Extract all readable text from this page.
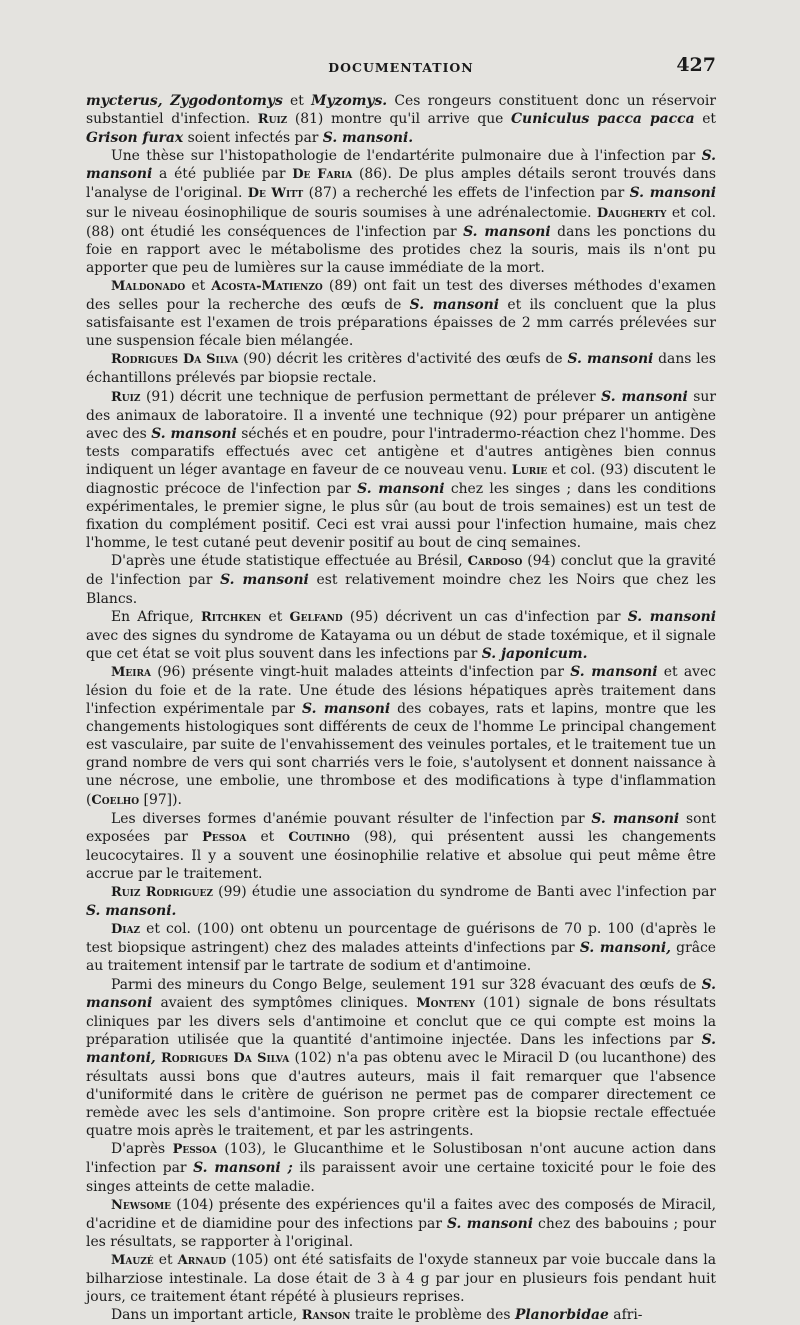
DOCUMENTATION	427

mycterus, Zygodontomys et Myzomys. Ces rongeurs constituent donc un réservoir substantiel d'infection. Ruiz (81) montre qu'il arrive que Cuniculus pacca pacca et Grison furax soient infectés par S. mansoni.

Une thèse sur l'histopathologie de l'endartérite pulmonaire due à l'infection par S. mansoni a été publiée par De Faria (86). De plus amples détails seront trouvés dans l'analyse de l'original. De Witt (87) a recherché les effets de l'infection par S. mansoni sur le niveau éosinophilique de souris soumises à une adrénalectomie. Daugherty et col. (88) ont étudié les conséquences de l'infection par S. mansoni dans les ponctions du foie en rapport avec le métabolisme des protides chez la souris, mais ils n'ont pu apporter que peu de lumières sur la cause immédiate de la mort.

Maldonado et Acosta-Matienzo (89) ont fait un test des diverses méthodes d'examen des selles pour la recherche des œufs de S. mansoni et ils concluent que la plus satisfaisante est l'examen de trois préparations épaisses de 2 mm carrés prélevées sur une suspension fécale bien mélangée.

Rodrigues Da Silva (90) décrit les critères d'activité des œufs de S. mansoni dans les échantillons prélevés par biopsie rectale.

Ruiz (91) décrit une technique de perfusion permettant de prélever S. mansoni sur des animaux de laboratoire. Il a inventé une technique (92) pour préparer un antigène avec des S. mansoni séchés et en poudre, pour l'intradermo-réaction chez l'homme. Des tests comparatifs effectués avec cet antigène et d'autres antigènes bien connus indiquent un léger avantage en faveur de ce nouveau venu. Lurie et col. (93) discutent le diagnostic précoce de l'infection par S. mansoni chez les singes ; dans les conditions expérimentales, le premier signe, le plus sûr (au bout de trois semaines) est un test de fixation du complément positif. Ceci est vrai aussi pour l'infection humaine, mais chez l'homme, le test cutané peut devenir positif au bout de cinq semaines.

D'après une étude statistique effectuée au Brésil, Cardoso (94) conclut que la gravité de l'infection par S. mansoni est relativement moindre chez les Noirs que chez les Blancs.

En Afrique, Ritchken et Gelfand (95) décrivent un cas d'infection par S. mansoni avec des signes du syndrome de Katayama ou un début de stade toxémique, et il signale que cet état se voit plus souvent dans les infections par S. japonicum.

Meira (96) présente vingt-huit malades atteints d'infection par S. mansoni et avec lésion du foie et de la rate. Une étude des lésions hépatiques après traitement dans l'infection expérimentale par S. mansoni des cobayes, rats et lapins, montre que les changements histologiques sont différents de ceux de l'homme Le principal changement est vasculaire, par suite de l'envahissement des veinules portales, et le traitement tue un grand nombre de vers qui sont charriés vers le foie, s'autolysent et donnent naissance à une nécrose, une embolie, une thrombose et des modifications à type d'inflammation (Coelho [97]).

Les diverses formes d'anémie pouvant résulter de l'infection par S. mansoni sont exposées par Pessoa et Coutinho (98), qui présentent aussi les changements leucocytaires. Il y a souvent une éosinophilie relative et absolue qui peut même être accrue par le traitement.

Ruiz Rodriguez (99) étudie une association du syndrome de Banti avec l'infection par S. mansoni.

Diaz et col. (100) ont obtenu un pourcentage de guérisons de 70 p. 100 (d'après le test biopsique astringent) chez des malades atteints d'infections par S. mansoni, grâce au traitement intensif par le tartrate de sodium et d'antimoine.

Parmi des mineurs du Congo Belge, seulement 191 sur 328 évacuant des œufs de S. mansoni avaient des symptômes cliniques. Monteny (101) signale de bons résultats cliniques par les divers sels d'antimoine et conclut que ce qui compte est moins la préparation utilisée que la quantité d'antimoine injectée. Dans les infections par S. mantoni, Rodrigues Da Silva (102) n'a pas obtenu avec le Miracil D (ou lucanthone) des résultats aussi bons que d'autres auteurs, mais il fait remarquer que l'absence d'uniformité dans le critère de guérison ne permet pas de comparer directement ce remède avec les sels d'antimoine. Son propre critère est la biopsie rectale effectuée quatre mois après le traitement, et par les astringents.

D'après Pessoa (103), le Glucanthime et le Solustibosan n'ont aucune action dans l'infection par S. mansoni ; ils paraissent avoir une certaine toxicité pour le foie des singes atteints de cette maladie.

Newsome (104) présente des expériences qu'il a faites avec des composés de Miracil, d'acridine et de diamidine pour des infections par S. mansoni chez des babouins ; pour les résultats, se rapporter à l'original.

Mauzé et Arnaud (105) ont été satisfaits de l'oxyde stanneux par voie buccale dans la bilharziose intestinale. La dose était de 3 à 4 g par jour en plusieurs fois pendant huit jours, ce traitement étant répété à plusieurs reprises.

Dans un important article, Ranson traite le problème des Planorbidae afri-
